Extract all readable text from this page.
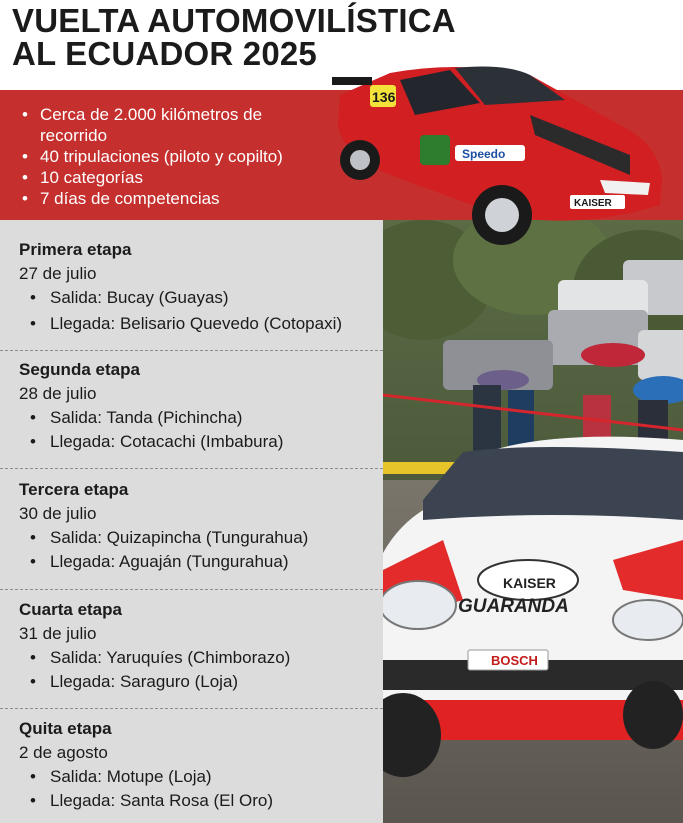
VUELTA AUTOMOVILÍSTICA
AL ECUADOR 2025
• Cerca de 2.000 kilómetros de recorrido
• 40 tripulaciones (piloto y copilto)
• 10 categorías
• 7 días de competencias
KAISER
GUARANDA
BOSCH
Primera etapa
27 de julio
• Salida: Bucay (Guayas)
• Llegada: Belisario Quevedo (Cotopaxi)
Segunda etapa
28 de julio
• Salida: Tanda (Pichincha)
• Llegada: Cotacachi (Imbabura)
Tercera etapa
30 de julio
• Salida: Quizapincha (Tungurahua)
• Llegada: Aguaján (Tungurahua)
Cuarta etapa
31 de julio
• Salida: Yaruquíes (Chimborazo)
• Llegada: Saraguro (Loja)
Quita etapa
2 de agosto
• Salida: Motupe (Loja)
• Llegada: Santa Rosa (El Oro)
136
Speedo
KAISER
